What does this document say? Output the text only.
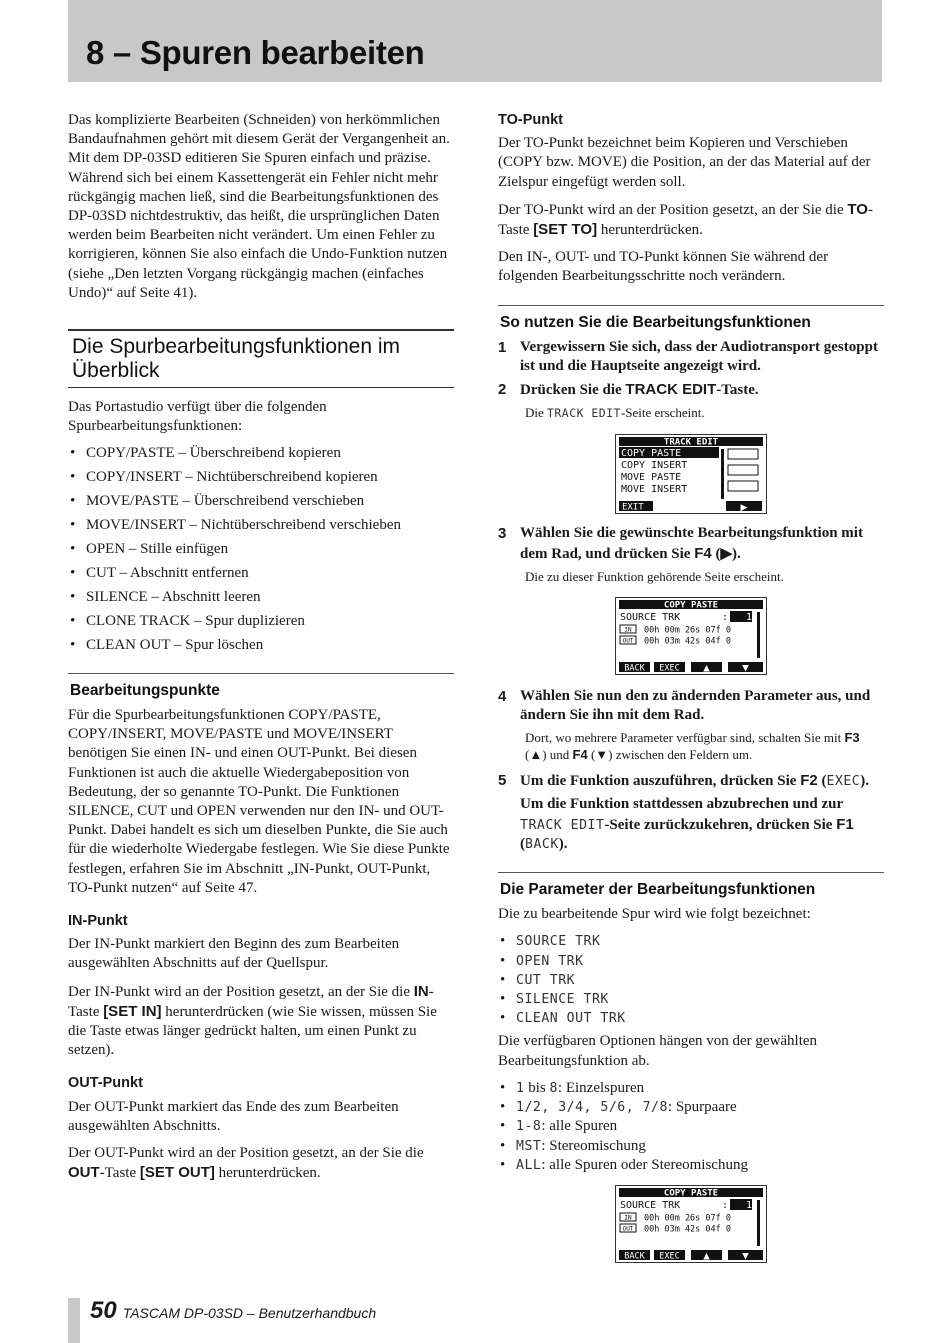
8 – Spuren bearbeiten

Das komplizierte Bearbeiten (Schneiden) von herkömmlichen Bandaufnahmen gehört mit diesem Gerät der Vergangenheit an. Mit dem DP-03SD editieren Sie Spuren einfach und präzise. Während sich bei einem Kassettengerät ein Fehler nicht mehr rückgängig machen ließ, sind die Bearbeitungsfunktionen des DP-03SD nichtdestruktiv, das heißt, die ursprünglichen Daten werden beim Bearbeiten nicht verändert. Um einen Fehler zu korrigieren, können Sie also einfach die Undo-Funktion nutzen (siehe „Den letzten Vorgang rückgängig machen (einfaches Undo)“ auf Seite 41).

Die Spurbearbeitungsfunktionen im Überblick

Das Portastudio verfügt über die folgenden Spurbearbeitungsfunktionen:

• COPY/PASTE – Überschreibend kopieren
• COPY/INSERT – Nichtüberschreibend kopieren
• MOVE/PASTE – Überschreibend verschieben
• MOVE/INSERT – Nichtüberschreibend verschieben
• OPEN – Stille einfügen
• CUT – Abschnitt entfernen
• SILENCE – Abschnitt leeren
• CLONE TRACK – Spur duplizieren
• CLEAN OUT – Spur löschen
Bearbeitungspunkte

Für die Spurbearbeitungsfunktionen COPY/PASTE, COPY/INSERT, MOVE/PASTE und MOVE/INSERT benötigen Sie einen IN- und einen OUT-Punkt. Bei diesen Funktionen ist auch die aktuelle Wiedergabeposition von Bedeutung, der so genannte TO-Punkt. Die Funktionen SILENCE, CUT und OPEN verwenden nur den IN- und OUT-Punkt. Dabei handelt es sich um dieselben Punkte, die Sie auch für die wiederholte Wiedergabe festlegen. Wie Sie diese Punkte festlegen, erfahren Sie im Abschnitt „IN-Punkt, OUT-Punkt, TO-Punkt nutzen“ auf Seite 47.

IN-Punkt

Der IN-Punkt markiert den Beginn des zum Bearbeiten ausgewählten Abschnitts auf der Quellspur.

Der IN-Punkt wird an der Position gesetzt, an der Sie die IN-Taste [SET IN] herunterdrücken (wie Sie wissen, müssen Sie die Taste etwas länger gedrückt halten, um einen Punkt zu setzen).

OUT-Punkt

Der OUT-Punkt markiert das Ende des zum Bearbeiten ausgewählten Abschnitts.

Der OUT-Punkt wird an der Position gesetzt, an der Sie die OUT-Taste [SET OUT] herunterdrücken.

TO-Punkt

Der TO-Punkt bezeichnet beim Kopieren und Verschieben (COPY bzw. MOVE) die Position, an der das Material auf der Zielspur eingefügt werden soll.

Der TO-Punkt wird an der Position gesetzt, an der Sie die TO-Taste [SET TO] herunterdrücken.

Den IN-, OUT- und TO-Punkt können Sie während der folgenden Bearbeitungsschritte noch verändern.

So nutzen Sie die Bearbeitungsfunktionen
1 Vergewissern Sie sich, dass der Audiotransport gestoppt ist und die Hauptseite angezeigt wird.
2 Drücken Sie die TRACK EDIT-Taste.
Die TRACK EDIT-Seite erscheint.
TRACK EDIT
COPY PASTE
COPY INSERT
MOVE PASTE
MOVE INSERT
EXIT	▶
3 Wählen Sie die gewünschte Bearbeitungsfunktion mit dem Rad, und drücken Sie F4 (▶).
Die zu dieser Funktion gehörende Seite erscheint.
COPY PASTE
SOURCE TRK	: 1
IN 00h 00m 26s 07f 0
OUT 00h 03m 42s 04f 0
BACK EXEC	▲	▼
4 Wählen Sie nun den zu ändernden Parameter aus, und ändern Sie ihn mit dem Rad.
Dort, wo mehrere Parameter verfügbar sind, schalten Sie mit F3 (▲) und F4 (▼) zwischen den Feldern um.
5 Um die Funktion auszuführen, drücken Sie F2 (EXEC).
Um die Funktion stattdessen abzubrechen und zur TRACK EDIT-Seite zurückzukehren, drücken Sie F1 (BACK).
Die Parameter der Bearbeitungsfunktionen

Die zu bearbeitende Spur wird wie folgt bezeichnet:

• SOURCE TRK
• OPEN TRK
• CUT TRK
• SILENCE TRK
• CLEAN OUT TRK

Die verfügbaren Optionen hängen von der gewählten Bearbeitungsfunktion ab.

• 1 bis 8: Einzelspuren
• 1/2, 3/4, 5/6, 7/8: Spurpaare
• 1-8: alle Spuren
• MST: Stereomischung
• ALL: alle Spuren oder Stereomischung
COPY PASTE
SOURCE TRK	: 1
IN 00h 00m 26s 07f 0
OUT 00h 03m 42s 04f 0
BACK EXEC	▲	▼
50 TASCAM DP-03SD – Benutzerhandbuch
